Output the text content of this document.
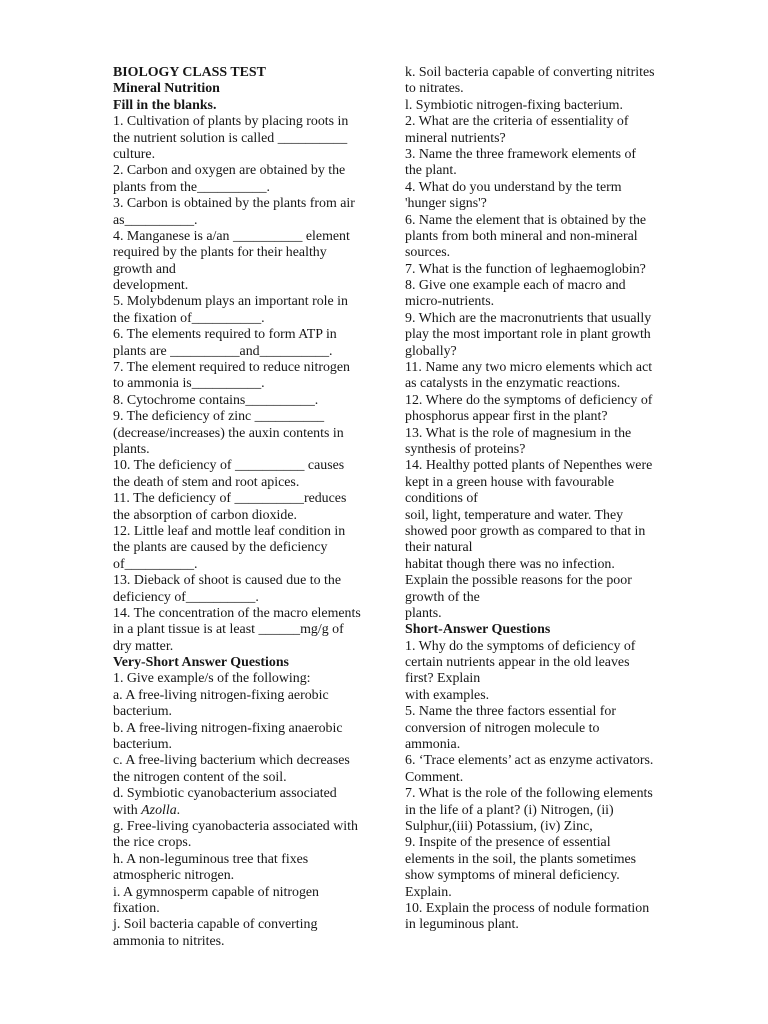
BIOLOGY CLASS TEST
Mineral Nutrition
Fill in the blanks.
1. Cultivation of plants by placing roots in
the nutrient solution is called __________
culture.
2. Carbon and oxygen are obtained by the
plants from the__________.
3. Carbon is obtained by the plants from air
as__________.
4. Manganese is a/an __________ element
required by the plants for their healthy
growth and
development.
5. Molybdenum plays an important role in
the fixation of__________.
6. The elements required to form ATP in
plants are __________and__________.
7. The element required to reduce nitrogen
to ammonia is__________.
8. Cytochrome contains__________.
9. The deficiency of zinc __________
(decrease/increases) the auxin contents in
plants.
10. The deficiency of __________ causes
the death of stem and root apices.
11. The deficiency of __________reduces
the absorption of carbon dioxide.
12. Little leaf and mottle leaf condition in
the plants are caused by the deficiency
of__________.
13. Dieback of shoot is caused due to the
deficiency of__________.
14. The concentration of the macro elements
in a plant tissue is at least ______mg/g of
dry matter.
Very-Short Answer Questions
1. Give example/s of the following:
a. A free-living nitrogen-fixing aerobic
bacterium.
b. A free-living nitrogen-fixing anaerobic
bacterium.
c. A free-living bacterium which decreases
the nitrogen content of the soil.
d. Symbiotic cyanobacterium associated
with Azolla.
g. Free-living cyanobacteria associated with
the rice crops.
h. A non-leguminous tree that fixes
atmospheric nitrogen.
i. A gymnosperm capable of nitrogen
fixation.
j. Soil bacteria capable of converting
ammonia to nitrites.
k. Soil bacteria capable of converting nitrites
to nitrates.
l. Symbiotic nitrogen-fixing bacterium.
2. What are the criteria of essentiality of
mineral nutrients?
3. Name the three framework elements of
the plant.
4. What do you understand by the term
'hunger signs'?
6. Name the element that is obtained by the
plants from both mineral and non-mineral
sources.
7. What is the function of leghaemoglobin?
8. Give one example each of macro and
micro-nutrients.
9. Which are the macronutrients that usually
play the most important role in plant growth
globally?
11. Name any two micro elements which act
as catalysts in the enzymatic reactions.
12. Where do the symptoms of deficiency of
phosphorus appear first in the plant?
13. What is the role of magnesium in the
synthesis of proteins?
14. Healthy potted plants of Nepenthes were
kept in a green house with favourable
conditions of
soil, light, temperature and water. They
showed poor growth as compared to that in
their natural
habitat though there was no infection.
Explain the possible reasons for the poor
growth of the
plants.
Short-Answer Questions
1. Why do the symptoms of deficiency of
certain nutrients appear in the old leaves
first? Explain
with examples.
5. Name the three factors essential for
conversion of nitrogen molecule to
ammonia.
6. ‘Trace elements’ act as enzyme activators.
Comment.
7. What is the role of the following elements
in the life of a plant? (i) Nitrogen, (ii)
Sulphur,(iii) Potassium, (iv) Zinc,
9. Inspite of the presence of essential
elements in the soil, the plants sometimes
show symptoms of mineral deficiency.
Explain.
10. Explain the process of nodule formation
in leguminous plant.
